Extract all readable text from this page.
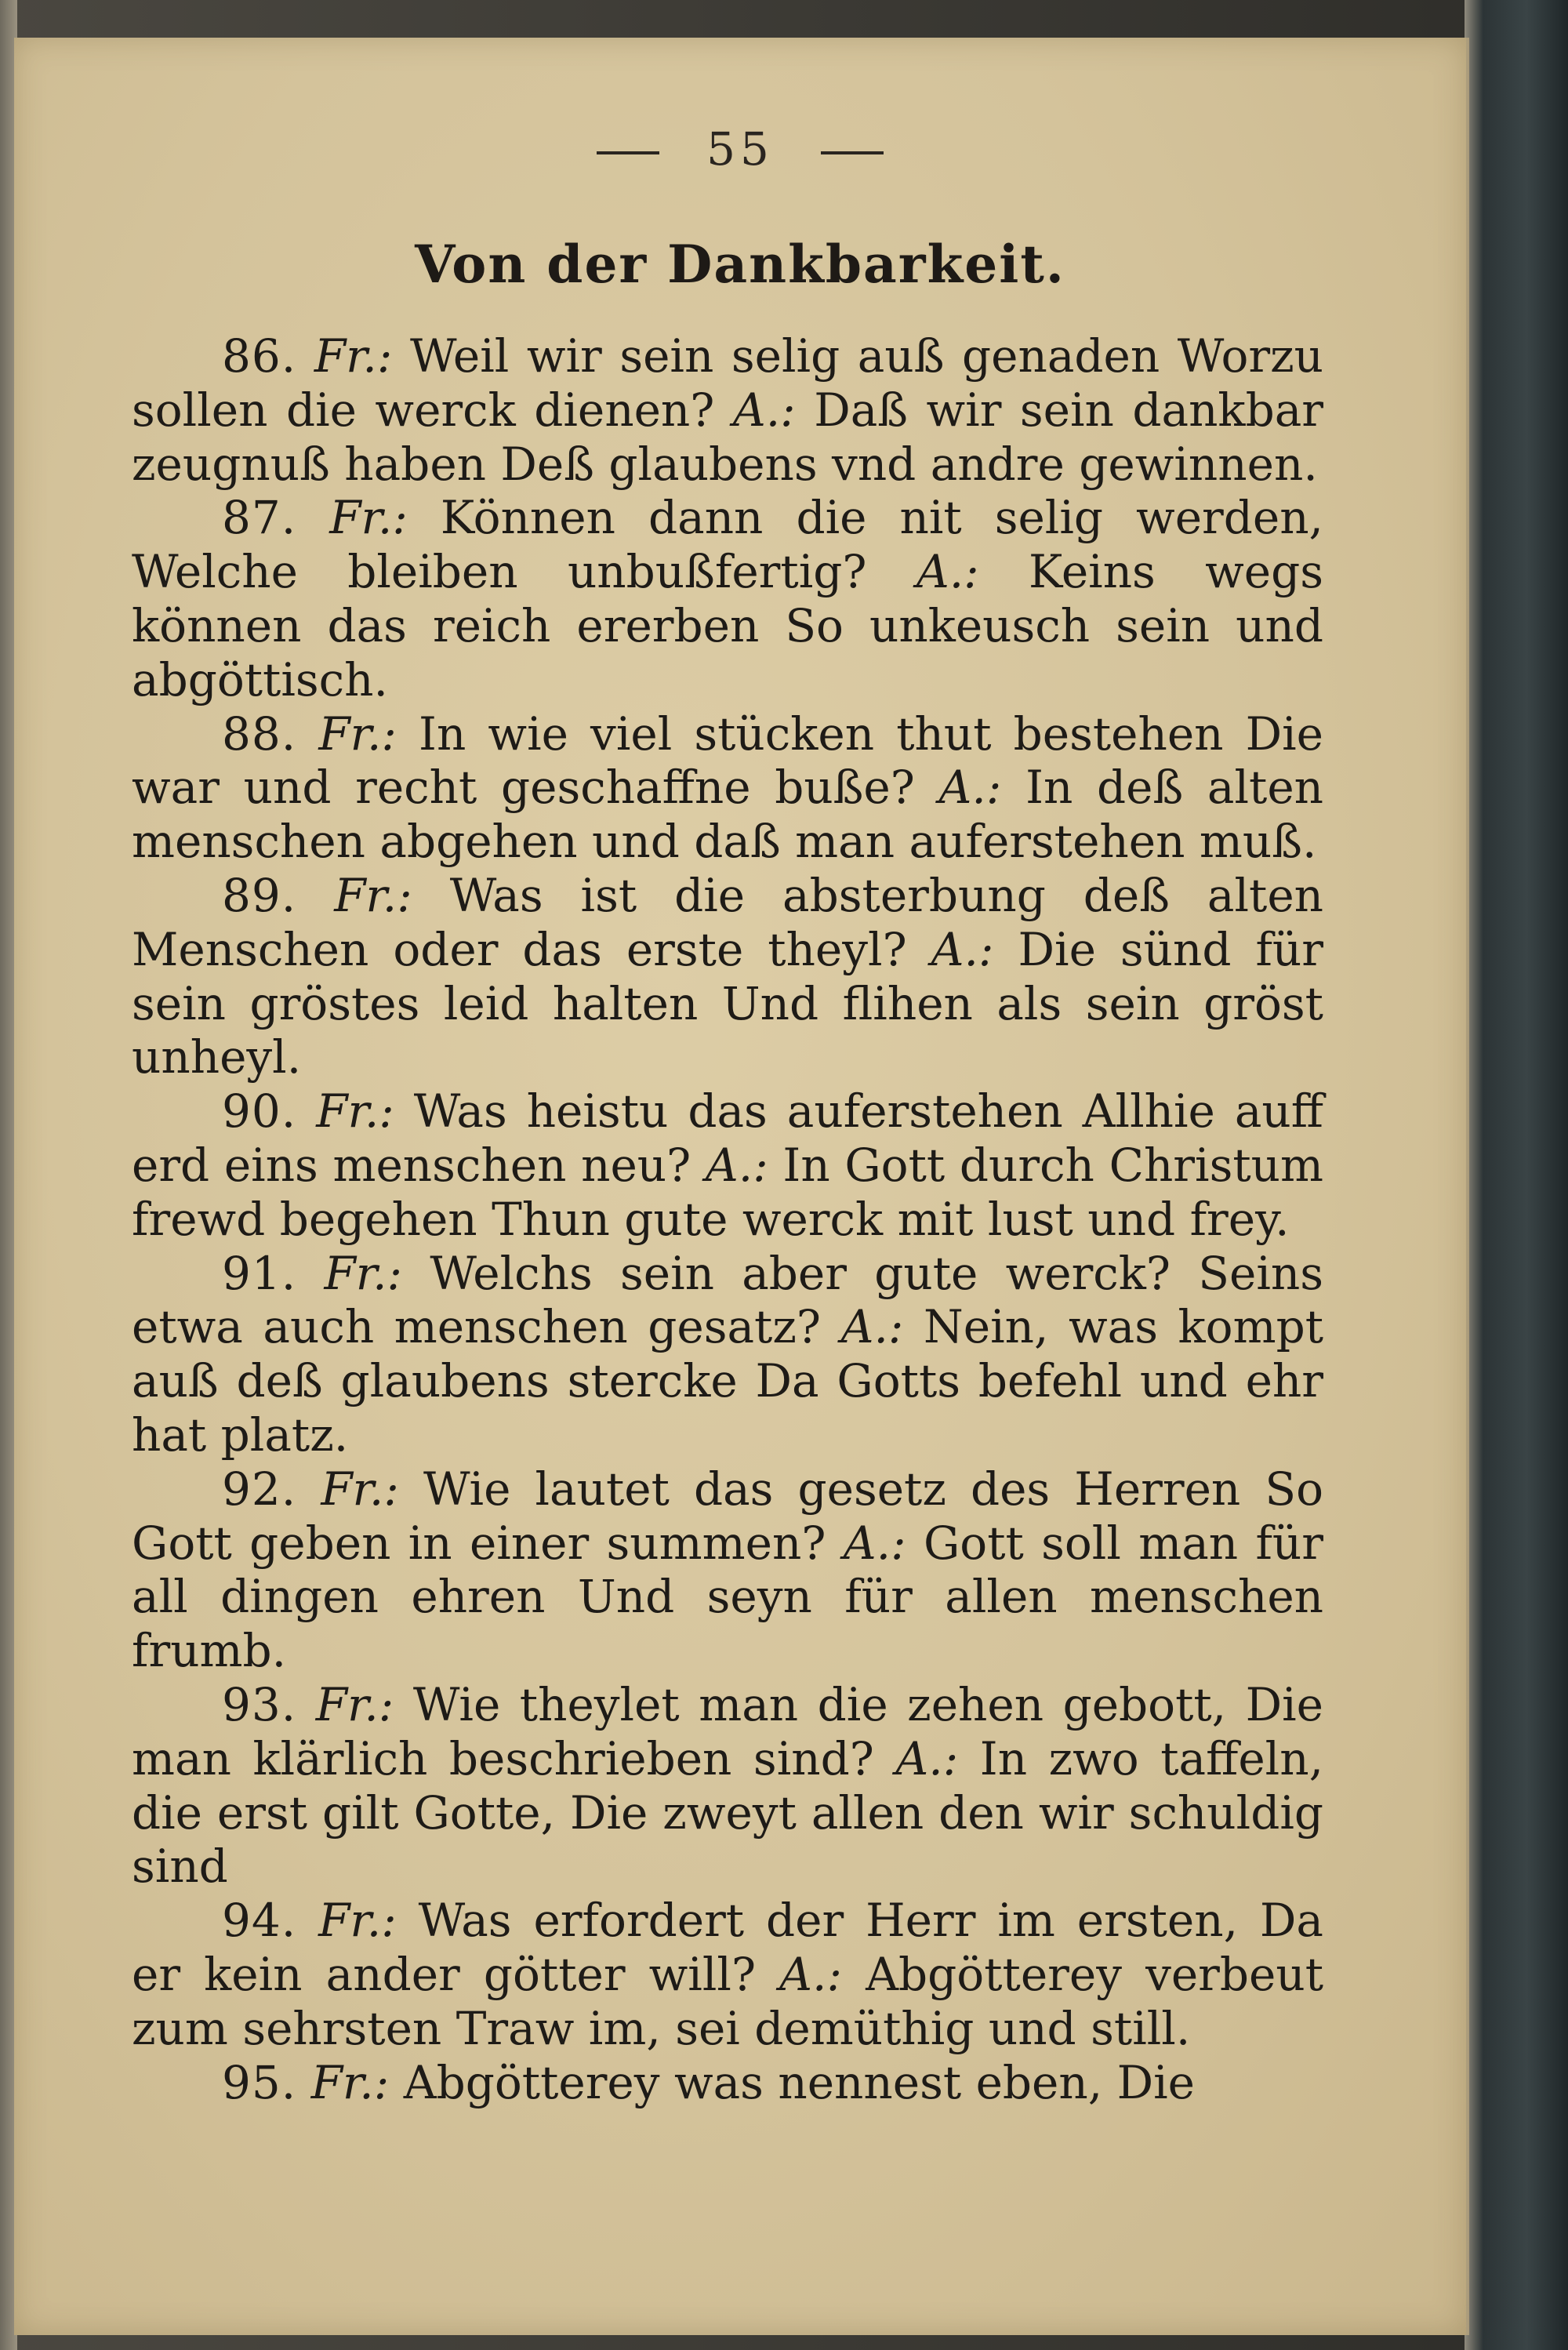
55
Von der Dankbarkeit.

86. Fr.: Weil wir sein selig auß genaden Worzu sollen die werck dienen? A.: Daß wir sein dankbar zeugnuß haben Deß glaubens vnd andre gewinnen.

87. Fr.: Können dann die nit selig werden, Welche bleiben unbußfertig? A.: Keins wegs können das reich ererben So unkeusch sein und abgöttisch.

88. Fr.: In wie viel stücken thut bestehen Die war und recht geschaffne buße? A.: In deß alten menschen abgehen und daß man auferstehen muß.

89. Fr.: Was ist die absterbung deß alten Menschen oder das erste theyl? A.: Die sünd für sein gröstes leid halten Und flihen als sein gröst unheyl.

90. Fr.: Was heistu das auferstehen Allhie auff erd eins menschen neu? A.: In Gott durch Christum frewd begehen Thun gute werck mit lust und frey.

91. Fr.: Welchs sein aber gute werck? Seins etwa auch menschen gesatz? A.: Nein, was kompt auß deß glaubens stercke Da Gotts befehl und ehr hat platz.

92. Fr.: Wie lautet das gesetz des Herren So Gott geben in einer summen? A.: Gott soll man für all dingen ehren Und seyn für allen menschen frumb.

93. Fr.: Wie theylet man die zehen gebott, Die man klärlich beschrieben sind? A.: In zwo taffeln, die erst gilt Gotte, Die zweyt allen den wir schuldig sind

94. Fr.: Was erfordert der Herr im ersten, Da er kein ander götter will? A.: Abgötterey verbeut zum sehrsten Traw im, sei demüthig und still.

95. Fr.: Abgötterey was nennest eben, Die
